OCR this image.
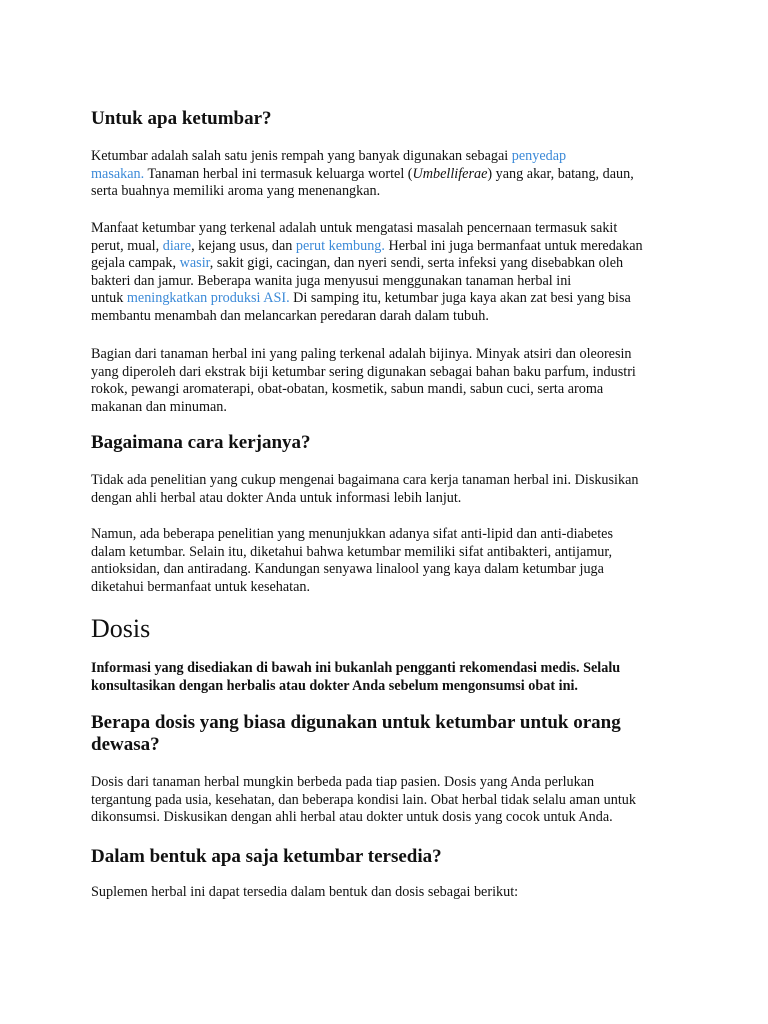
Untuk apa ketumbar?

Ketumbar adalah salah satu jenis rempah yang banyak digunakan sebagai penyedap
masakan. Tanaman herbal ini termasuk keluarga wortel (Umbelliferae) yang akar, batang, daun,
serta buahnya memiliki aroma yang menenangkan.

Manfaat ketumbar yang terkenal adalah untuk mengatasi masalah pencernaan termasuk sakit
perut, mual, diare, kejang usus, dan perut kembung. Herbal ini juga bermanfaat untuk meredakan
gejala campak, wasir, sakit gigi, cacingan, dan nyeri sendi, serta infeksi yang disebabkan oleh
bakteri dan jamur. Beberapa wanita juga menyusui menggunakan tanaman herbal ini
untuk meningkatkan produksi ASI. Di samping itu, ketumbar juga kaya akan zat besi yang bisa
membantu menambah dan melancarkan peredaran darah dalam tubuh.

Bagian dari tanaman herbal ini yang paling terkenal adalah bijinya. Minyak atsiri dan oleoresin
yang diperoleh dari ekstrak biji ketumbar sering digunakan sebagai bahan baku parfum, industri
rokok, pewangi aromaterapi, obat-obatan, kosmetik, sabun mandi, sabun cuci, serta aroma
makanan dan minuman.

Bagaimana cara kerjanya?

Tidak ada penelitian yang cukup mengenai bagaimana cara kerja tanaman herbal ini. Diskusikan
dengan ahli herbal atau dokter Anda untuk informasi lebih lanjut.

Namun, ada beberapa penelitian yang menunjukkan adanya sifat anti-lipid dan anti-diabetes
dalam ketumbar. Selain itu, diketahui bahwa ketumbar memiliki sifat antibakteri, antijamur,
antioksidan, dan antiradang. Kandungan senyawa linalool yang kaya dalam ketumbar juga
diketahui bermanfaat untuk kesehatan.

Dosis

Informasi yang disediakan di bawah ini bukanlah pengganti rekomendasi medis. Selalu
konsultasikan dengan herbalis atau dokter Anda sebelum mengonsumsi obat ini.

Berapa dosis yang biasa digunakan untuk ketumbar untuk orang
dewasa?

Dosis dari tanaman herbal mungkin berbeda pada tiap pasien. Dosis yang Anda perlukan
tergantung pada usia, kesehatan, dan beberapa kondisi lain. Obat herbal tidak selalu aman untuk
dikonsumsi. Diskusikan dengan ahli herbal atau dokter untuk dosis yang cocok untuk Anda.

Dalam bentuk apa saja ketumbar tersedia?

Suplemen herbal ini dapat tersedia dalam bentuk dan dosis sebagai berikut:
